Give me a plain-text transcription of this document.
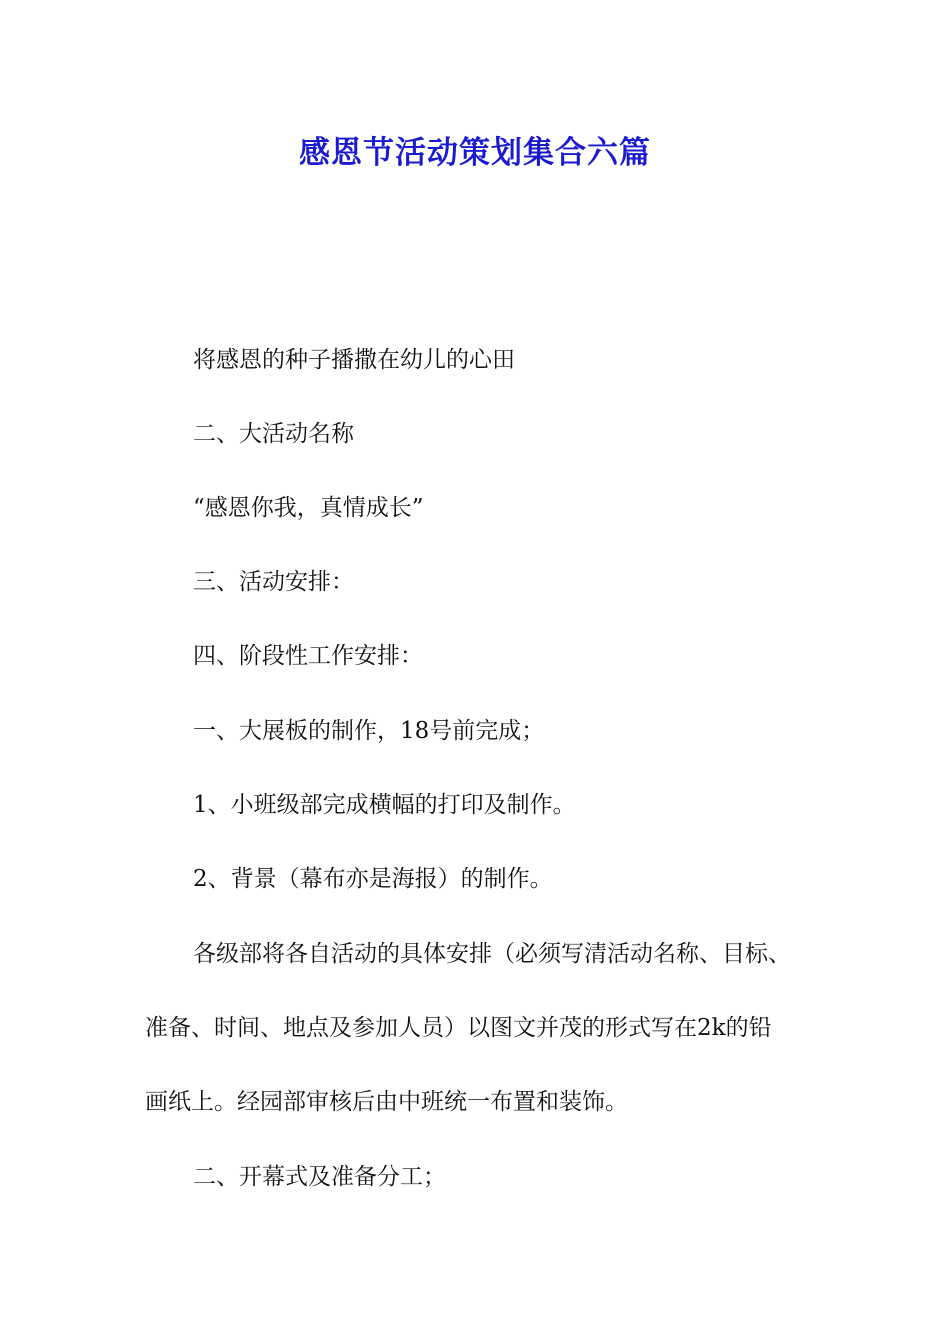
感恩节活动策划集合六篇
将感恩的种子播撒在幼儿的心田
二、大活动名称
“感恩你我，真情成长”
三、活动安排：
四、阶段性工作安排：
一、大展板的制作，18号前完成；
1、小班级部完成横幅的打印及制作。
2、背景（幕布亦是海报）的制作。
各级部将各自活动的具体安排（必须写清活动名称、目标、
准备、时间、地点及参加人员）以图文并茂的形式写在2k的铅
画纸上。经园部审核后由中班统一布置和装饰。
二、开幕式及准备分工；
